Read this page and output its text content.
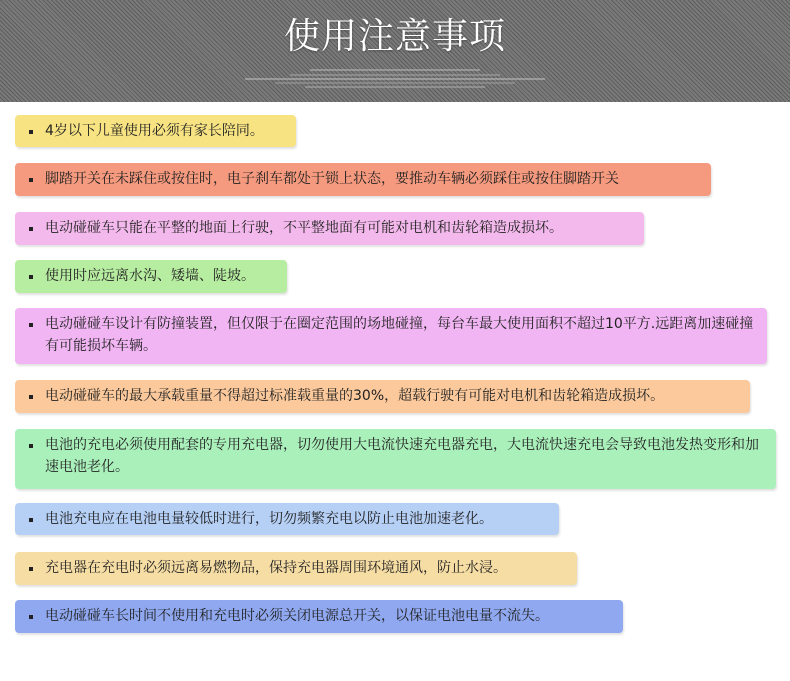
使用注意事项
4岁以下儿童使用必须有家长陪同。
脚踏开关在未踩住或按住时，电子刹车都处于锁上状态，要推动车辆必须踩住或按住脚踏开关
电动碰碰车只能在平整的地面上行驶，不平整地面有可能对电机和齿轮箱造成损坏。
使用时应远离水沟、矮墙、陡坡。
电动碰碰车设计有防撞装置，但仅限于在圈定范围的场地碰撞，每台车最大使用面积不超过10平方.远距离加速碰撞有可能损坏车辆。
电动碰碰车的最大承载重量不得超过标准载重量的30%，超载行驶有可能对电机和齿轮箱造成损坏。
电池的充电必须使用配套的专用充电器，切勿使用大电流快速充电器充电，大电流快速充电会导致电池发热变形和加速电池老化。
电池充电应在电池电量较低时进行，切勿频繁充电以防止电池加速老化。
充电器在充电时必须远离易燃物品，保持充电器周围环境通风，防止水浸。
电动碰碰车长时间不使用和充电时必须关闭电源总开关，以保证电池电量不流失。
